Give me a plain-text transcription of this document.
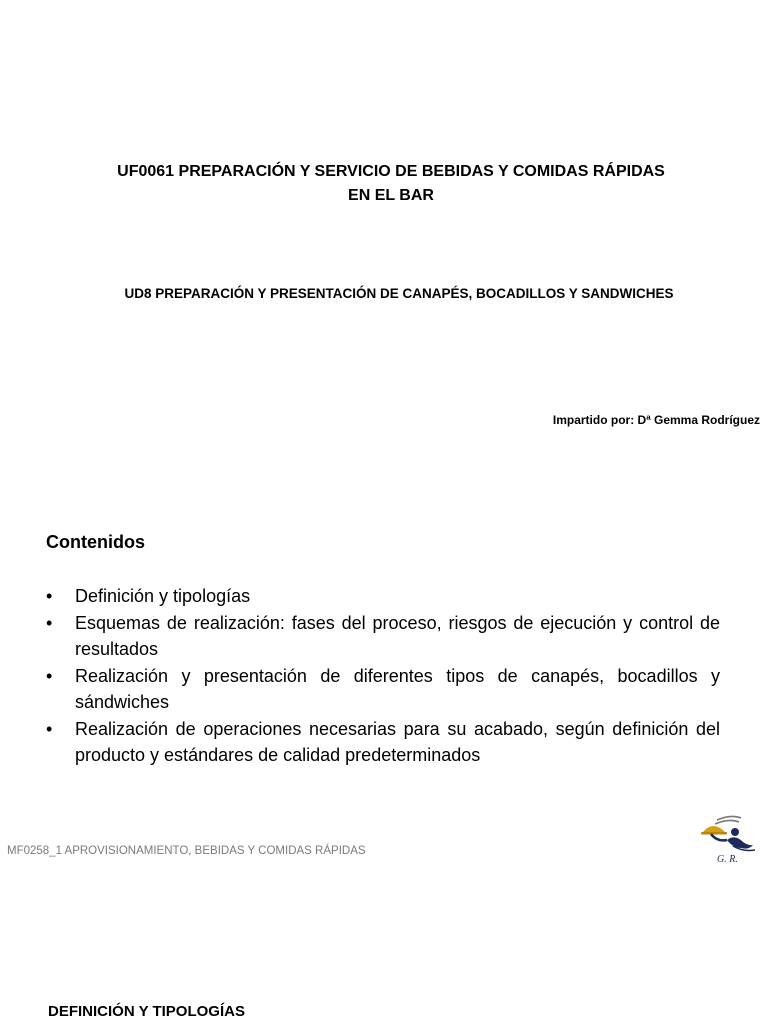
UF0061 PREPARACIÓN Y SERVICIO DE BEBIDAS Y COMIDAS RÁPIDAS
EN EL BAR
UD8 PREPARACIÓN Y PRESENTACIÓN DE CANAPÉS, BOCADILLOS Y SANDWICHES
Impartido por: Dª Gemma Rodríguez
Contenidos
•	Definición y tipologías
•	Esquemas de realización: fases del proceso, riesgos de ejecución y control de resultados
•	Realización y presentación de diferentes tipos de canapés, bocadillos y sándwiches
•	Realización de operaciones necesarias para su acabado, según definición del producto y estándares de calidad predeterminados
MF0258_1 APROVISIONAMIENTO, BEBIDAS Y COMIDAS RÁPIDAS
G. R.
DEFINICIÓN Y TIPOLOGÍAS
